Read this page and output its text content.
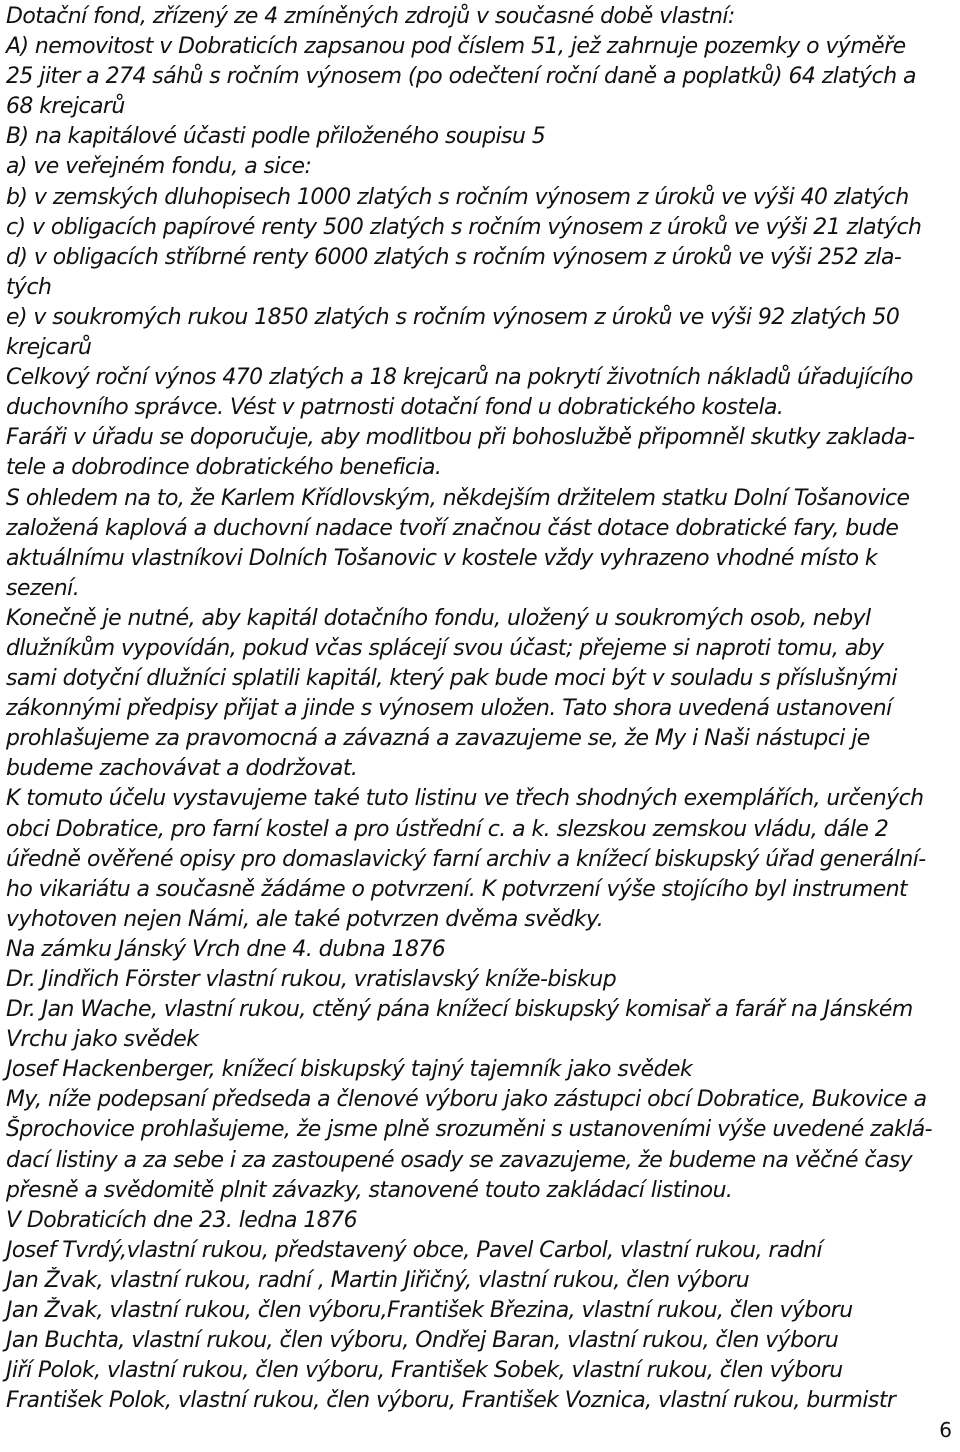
Dotační fond, zřízený ze 4 zmíněných zdrojů v současné době vlastní:
A) nemovitost v Dobraticích zapsanou pod číslem 51, jež zahrnuje pozemky o výměře
25 jiter a 274 sáhů s ročním výnosem (po odečtení roční daně a poplatků) 64 zlatých a
68 krejcarů
B) na kapitálové účasti podle přiloženého soupisu 5
a) ve veřejném fondu, a sice:
b) v zemských dluhopisech 1000 zlatých s ročním výnosem z úroků ve výši 40 zlatých
c) v obligacích papírové renty 500 zlatých s ročním výnosem z úroků ve výši 21 zlatých
d) v obligacích stříbrné renty 6000 zlatých s ročním výnosem z úroků ve výši 252 zla-
tých
e) v soukromých rukou 1850 zlatých s ročním výnosem z úroků ve výši 92 zlatých 50
krejcarů
Celkový roční výnos 470 zlatých a 18 krejcarů na pokrytí životních nákladů úřadujícího
duchovního správce. Vést v patrnosti dotační fond u dobratického kostela.
Faráři v úřadu se doporučuje, aby modlitbou při bohoslužbě připomněl skutky zaklada-
tele a dobrodince dobratického beneficia.
S ohledem na to, že Karlem Křídlovským, někdejším držitelem statku Dolní Tošanovice
založená kaplová a duchovní nadace tvoří značnou část dotace dobratické fary, bude
aktuálnímu vlastníkovi Dolních Tošanovic v kostele vždy vyhrazeno vhodné místo k
sezení.
Konečně je nutné, aby kapitál dotačního fondu, uložený u soukromých osob, nebyl
dlužníkům vypovídán, pokud včas splácejí svou účast; přejeme si naproti tomu, aby
sami dotyční dlužníci splatili kapitál, který pak bude moci být v souladu s příslušnými
zákonnými předpisy přijat a jinde s výnosem uložen. Tato shora uvedená ustanovení
prohlašujeme za pravomocná a závazná a zavazujeme se, že My i Naši nástupci je
budeme zachovávat a dodržovat.
K tomuto účelu vystavujeme také tuto listinu ve třech shodných exemplářích, určených
obci Dobratice, pro farní kostel a pro ústřední c. a k. slezskou zemskou vládu, dále 2
úředně ověřené opisy pro domaslavický farní archiv a knížecí biskupský úřad generální-
ho vikariátu a současně žádáme o potvrzení. K potvrzení výše stojícího byl instrument
vyhotoven nejen Námi, ale také potvrzen dvěma svědky.
Na zámku Jánský Vrch dne 4. dubna 1876
Dr. Jindřich Förster vlastní rukou, vratislavský kníže-biskup
Dr. Jan Wache, vlastní rukou, ctěný pána knížecí biskupský komisař a farář na Jánském
Vrchu jako svědek
Josef Hackenberger, knížecí biskupský tajný tajemník jako svědek
My, níže podepsaní předseda a členové výboru jako zástupci obcí Dobratice, Bukovice a
Šprochovice prohlašujeme, že jsme plně srozuměni s ustanoveními výše uvedené zaklá-
dací listiny a za sebe i za zastoupené osady se zavazujeme, že budeme na věčné časy
přesně a svědomitě plnit závazky, stanovené touto zakládací listinou.
V Dobraticích dne 23. ledna 1876
Josef Tvrdý,vlastní rukou, představený obce, Pavel Carbol, vlastní rukou, radní
Jan Žvak, vlastní rukou, radní , Martin Jiřičný, vlastní rukou, člen výboru
Jan Žvak, vlastní rukou, člen výboru,František Březina, vlastní rukou, člen výboru
Jan Buchta, vlastní rukou, člen výboru, Ondřej Baran, vlastní rukou, člen výboru
Jiří Polok, vlastní rukou, člen výboru, František Sobek, vlastní rukou, člen výboru
František Polok, vlastní rukou, člen výboru, František Voznica, vlastní rukou, burmistr
6
